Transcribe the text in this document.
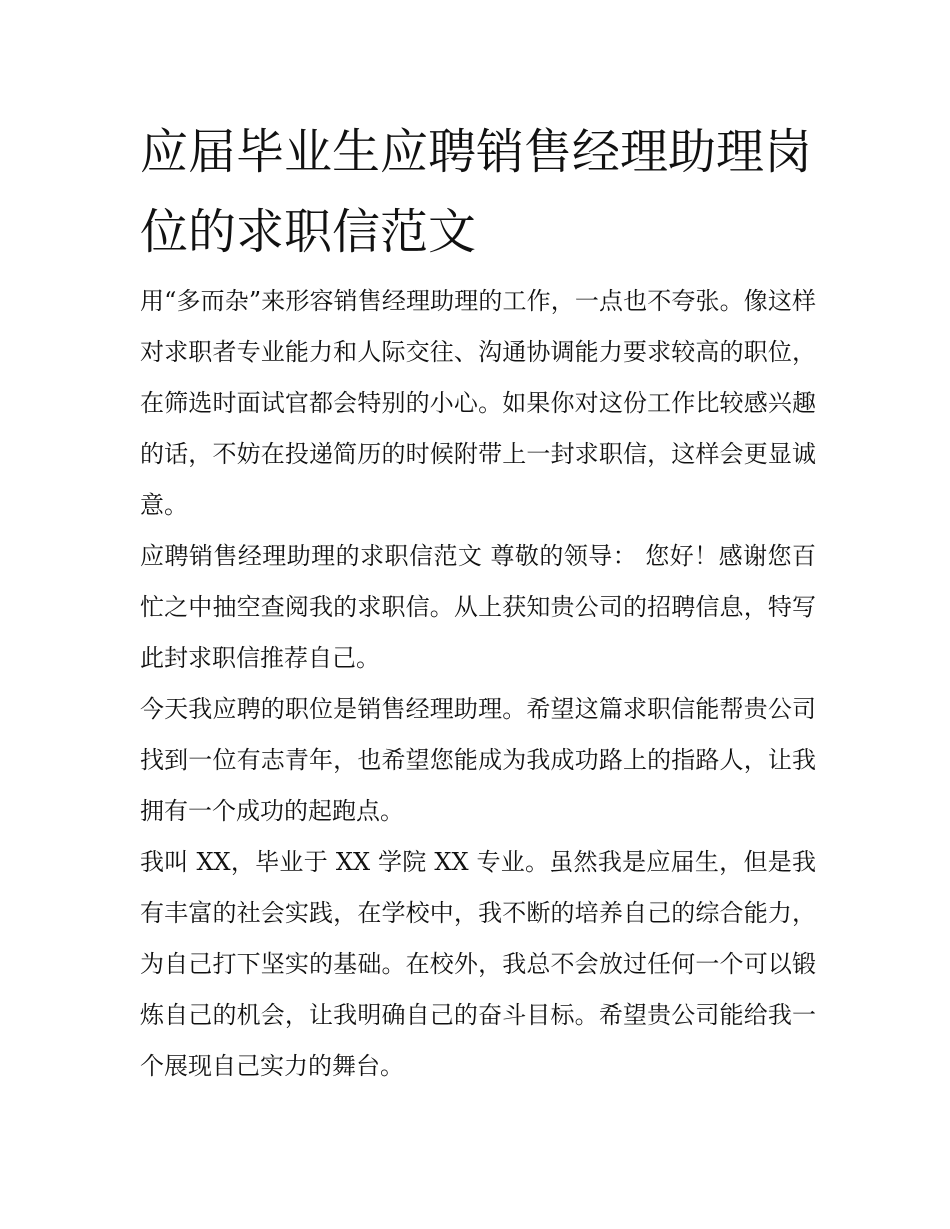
应届毕业生应聘销售经理助理岗位的求职信范文

用“多而杂”来形容销售经理助理的工作，一点也不夸张。像这样对求职者专业能力和人际交往、沟通协调能力要求较高的职位，在筛选时面试官都会特别的小心。如果你对这份工作比较感兴趣的话，不妨在投递简历的时候附带上一封求职信，这样会更显诚意。

应聘销售经理助理的求职信范文 尊敬的领导： 您好！感谢您百忙之中抽空查阅我的求职信。从上获知贵公司的招聘信息，特写此封求职信推荐自己。

今天我应聘的职位是销售经理助理。希望这篇求职信能帮贵公司找到一位有志青年，也希望您能成为我成功路上的指路人，让我拥有一个成功的起跑点。

我叫 XX，毕业于 XX 学院 XX 专业。虽然我是应届生，但是我有丰富的社会实践，在学校中，我不断的培养自己的综合能力，为自己打下坚实的基础。在校外，我总不会放过任何一个可以锻炼自己的机会，让我明确自己的奋斗目标。希望贵公司能给我一个展现自己实力的舞台。
